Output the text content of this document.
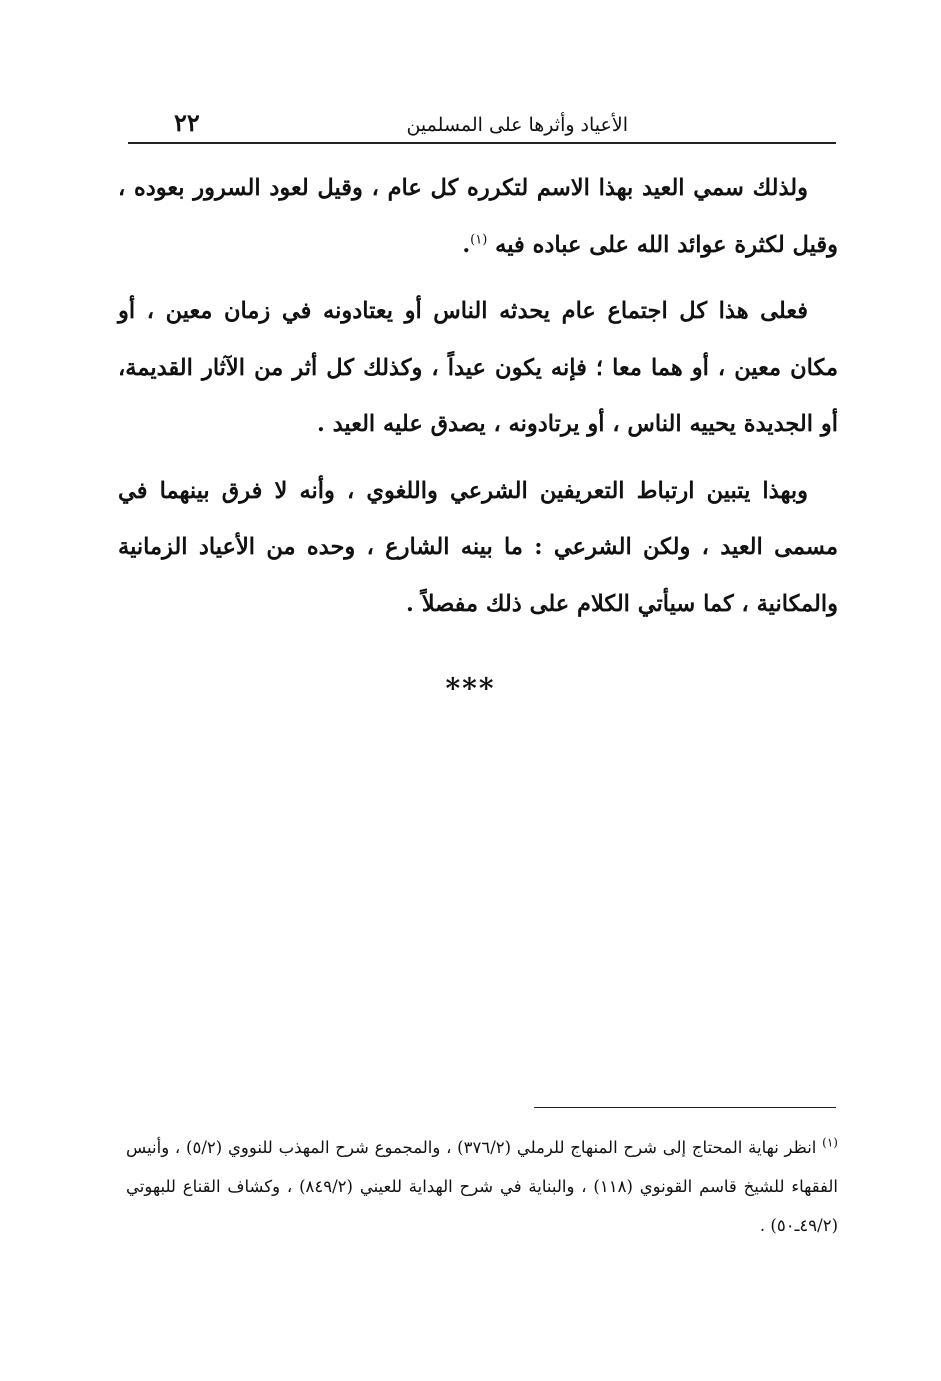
الأعياد وأثرها على المسلمين
٢٢

ولذلك سمي العيد بهذا الاسم لتكرره كل عام ، وقيل لعود السرور بعوده ، وقيل لكثرة عوائد الله على عباده فيه $^{(١)}$.

فعلى هذا كل اجتماع عام يحدثه الناس أو يعتادونه في زمان معين ، أو مكان معين ، أو هما معا ؛ فإنه يكون عيداً ، وكذلك كل أثر من الآثار القديمة، أو الجديدة يحييه الناس ، أو يرتادونه ، يصدق عليه العيد .

وبهذا يتبين ارتباط التعريفين الشرعي واللغوي ، وأنه لا فرق بينهما في مسمى العيد ، ولكن الشرعي : ما بينه الشارع ، وحده من الأعياد الزمانية والمكانية ، كما سيأتي الكلام على ذلك مفصلاً .

***

$^{(١)}$ انظر نهاية المحتاج إلى شرح المنهاج للرملي (٣٧٦/٢) ، والمجموع شرح المهذب للنووي (٥/٢) ، وأنيس الفقهاء للشيخ قاسم القونوي (١١٨) ، والبناية في شرح الهداية للعيني (٨٤٩/٢) ، وكشاف القناع للبهوتي (٤٩/٢ـ٥٠) .
